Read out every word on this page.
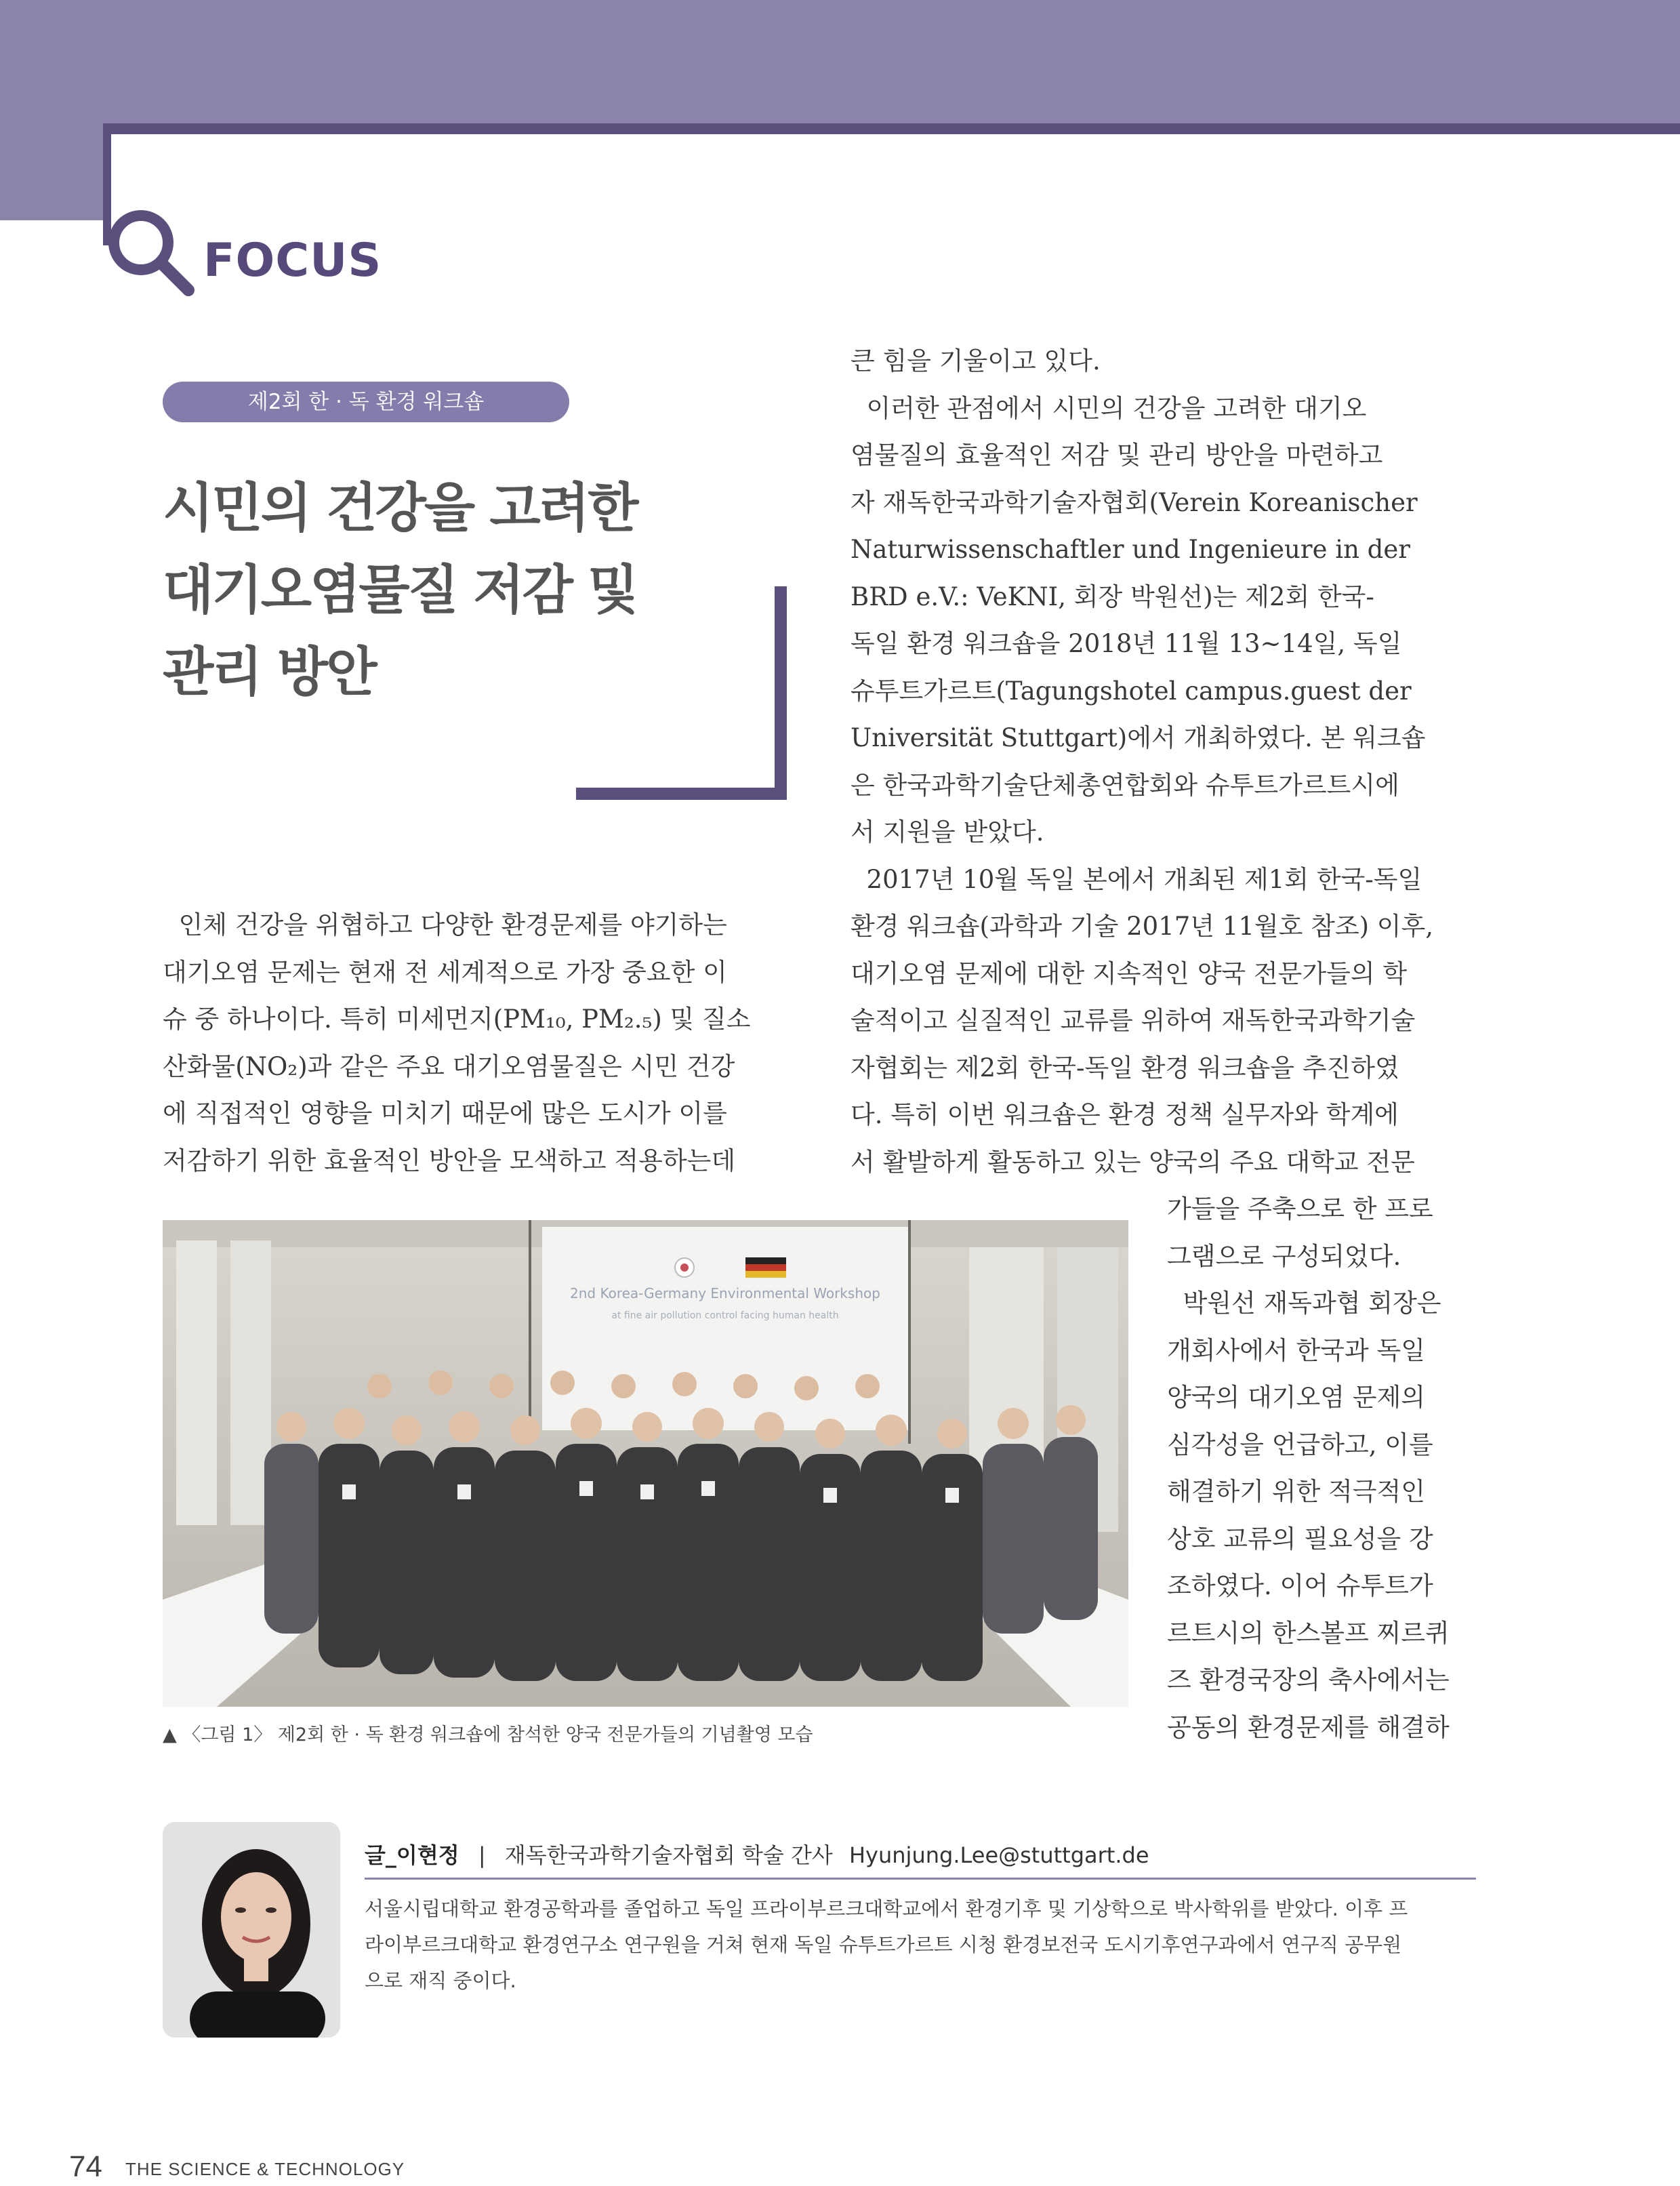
FOCUS
제2회 한 · 독 환경 워크숍
시민의 건강을 고려한
대기오염물질 저감 및
관리 방안
인체 건강을 위협하고 다양한 환경문제를 야기하는
대기오염 문제는 현재 전 세계적으로 가장 중요한 이
슈 중 하나이다. 특히 미세먼지(PM₁₀, PM₂.₅) 및 질소
산화물(NO₂)과 같은 주요 대기오염물질은 시민 건강
에 직접적인 영향을 미치기 때문에 많은 도시가 이를
저감하기 위한 효율적인 방안을 모색하고 적용하는데
큰 힘을 기울이고 있다.
이러한 관점에서 시민의 건강을 고려한 대기오
염물질의 효율적인 저감 및 관리 방안을 마련하고
자 재독한국과학기술자협회(Verein Koreanischer
Naturwissenschaftler und Ingenieure in der
BRD e.V.: VeKNI, 회장 박원선)는 제2회 한국-
독일 환경 워크숍을 2018년 11월 13~14일, 독일
슈투트가르트(Tagungshotel campus.guest der
Universität Stuttgart)에서 개최하였다. 본 워크숍
은 한국과학기술단체총연합회와 슈투트가르트시에
서 지원을 받았다.
2017년 10월 독일 본에서 개최된 제1회 한국-독일
환경 워크숍(과학과 기술 2017년 11월호 참조) 이후,
대기오염 문제에 대한 지속적인 양국 전문가들의 학
술적이고 실질적인 교류를 위하여 재독한국과학기술
자협회는 제2회 한국-독일 환경 워크숍을 추진하였
다. 특히 이번 워크숍은 환경 정책 실무자와 학계에
서 활발하게 활동하고 있는 양국의 주요 대학교 전문
가들을 주축으로 한 프로
그램으로 구성되었다.
박원선 재독과협 회장은
개회사에서 한국과 독일
양국의 대기오염 문제의
심각성을 언급하고, 이를
해결하기 위한 적극적인
상호 교류의 필요성을 강
조하였다. 이어 슈투트가
르트시의 한스볼프 찌르퀴
즈 환경국장의 축사에서는
공동의 환경문제를 해결하
2nd Korea-Germany Environmental Workshop
at fine air pollution control facing human health
▲ 〈그림 1〉 제2회 한 · 독 환경 워크숍에 참석한 양국 전문가들의 기념촬영 모습
글_이현정 | 재독한국과학기술자협회 학술 간사 Hyunjung.Lee@stuttgart.de
서울시립대학교 환경공학과를 졸업하고 독일 프라이부르크대학교에서 환경기후 및 기상학으로 박사학위를 받았다. 이후 프
라이부르크대학교 환경연구소 연구원을 거쳐 현재 독일 슈투트가르트 시청 환경보전국 도시기후연구과에서 연구직 공무원
으로 재직 중이다.
74 THE SCIENCE & TECHNOLOGY
